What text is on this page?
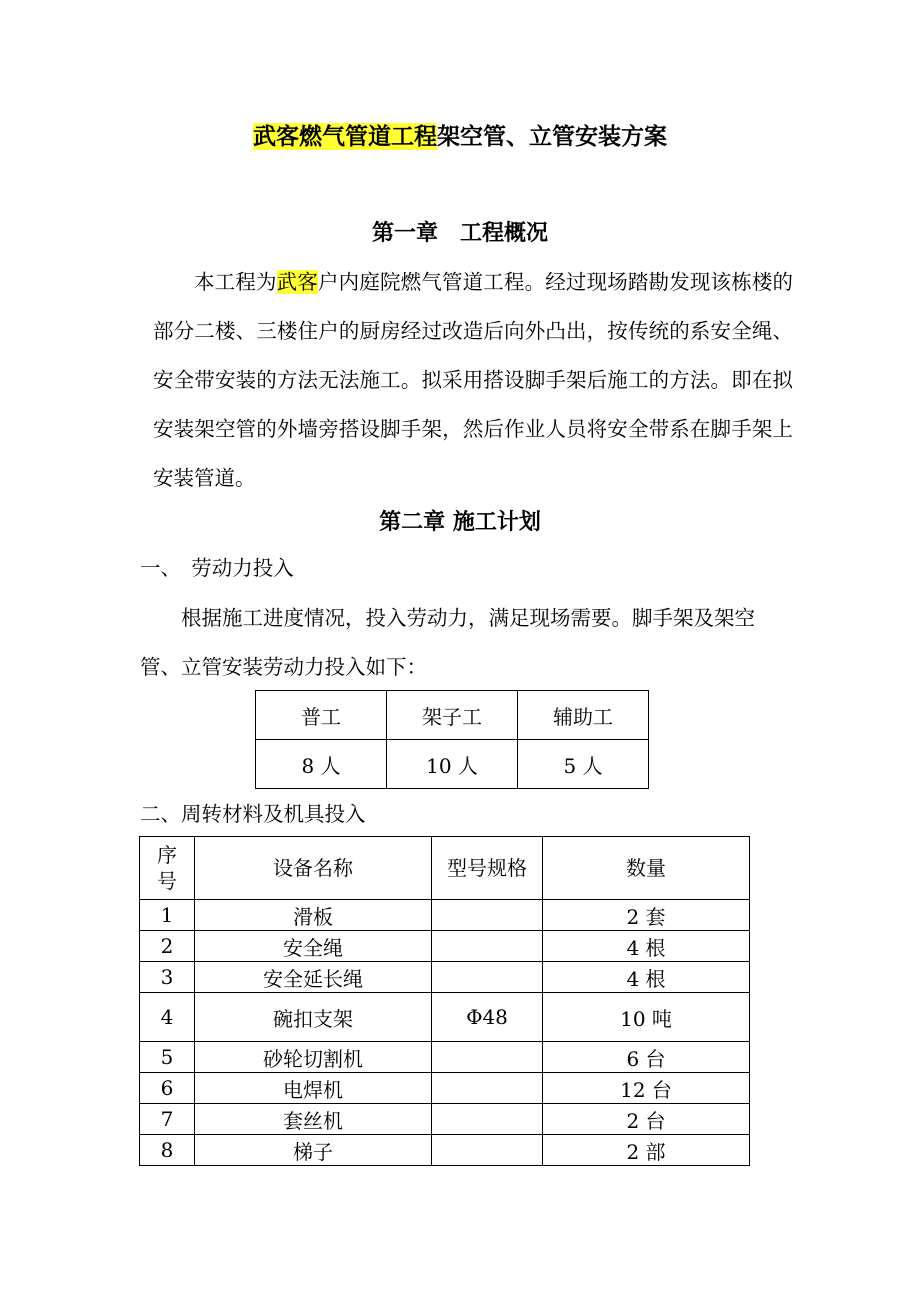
武客燃气管道工程架空管、立管安装方案
第一章　工程概况

本工程为武客户内庭院燃气管道工程。经过现场踏勘发现该栋楼的部分二楼、三楼住户的厨房经过改造后向外凸出，按传统的系安全绳、安全带安装的方法无法施工。拟采用搭设脚手架后施工的方法。即在拟安装架空管的外墙旁搭设脚手架，然后作业人员将安全带系在脚手架上安装管道。

第二章 施工计划
一、　劳动力投入

根据施工进度情况，投入劳动力，满足现场需要。脚手架及架空管、立管安装劳动力投入如下：

普工	架子工	辅助工
8 人	10 人	5 人
二、周转材料及机具投入
序号	设备名称	型号规格	数量
1	滑板		2 套
2	安全绳		4 根
3	安全延长绳		4 根
4	碗扣支架	Φ48	10 吨
5	砂轮切割机		6 台
6	电焊机		12 台
7	套丝机		2 台
8	梯子		2 部
